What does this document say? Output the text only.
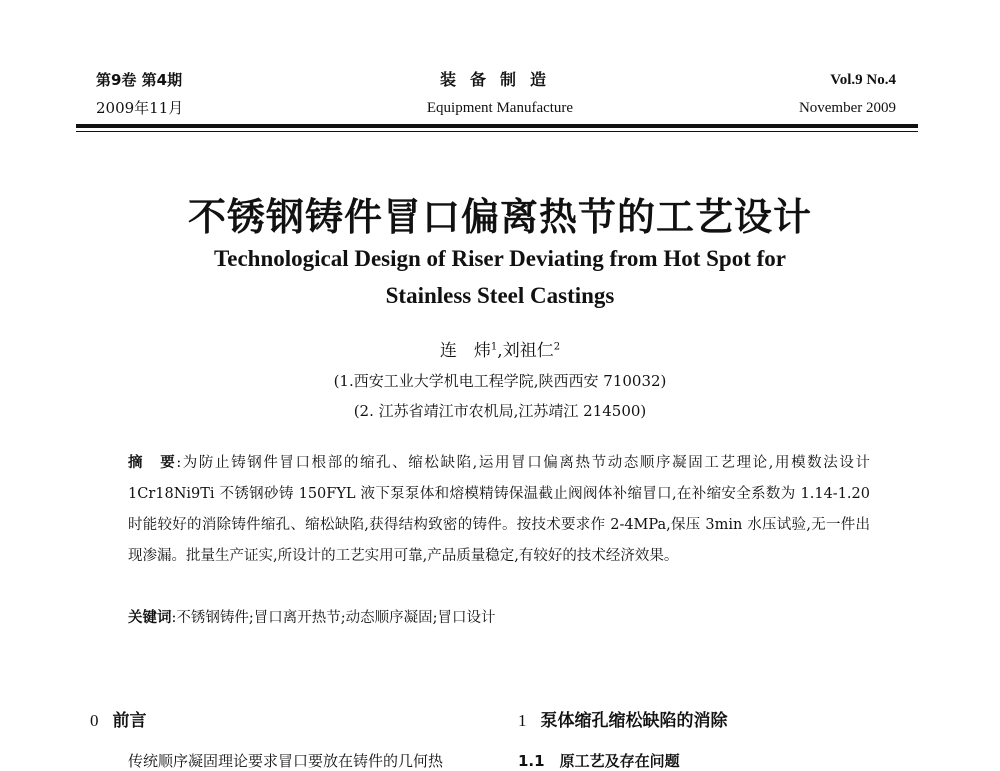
第9卷 第4期
2009年11月
装备制造
Equipment Manufacture
Vol.9 No.4
November 2009
不锈钢铸件冒口偏离热节的工艺设计
Technological Design of Riser Deviating from Hot Spot for
Stainless Steel Castings
连　炜$^1$,刘祖仁$^2$
(1.西安工业大学机电工程学院,陕西西安 710032)
(2. 江苏省靖江市农机局,江苏靖江 214500)
摘　要:为防止铸钢件冒口根部的缩孔、缩松缺陷,运用冒口偏离热节动态顺序凝固工艺理论,用模数法设计 1Cr18Ni9Ti 不锈钢砂铸 150FYL 液下泵泵体和熔模精铸保温截止阀阀体补缩冒口,在补缩安全系数为 1.14-1.20 时能较好的消除铸件缩孔、缩松缺陷,获得结构致密的铸件。按技术要求作 2-4MPa,保压 3min 水压试验,无一件出现渗漏。批量生产证实,所设计的工艺实用可靠,产品质量稳定,有较好的技术经济效果。
关键词:不锈钢铸件;冒口离开热节;动态顺序凝固;冒口设计
0 前言	1 泵体缩孔缩松缺陷的消除
传统顺序凝固理论要求冒口要放在铸件的几何热	1.1　原工艺及存在问题
